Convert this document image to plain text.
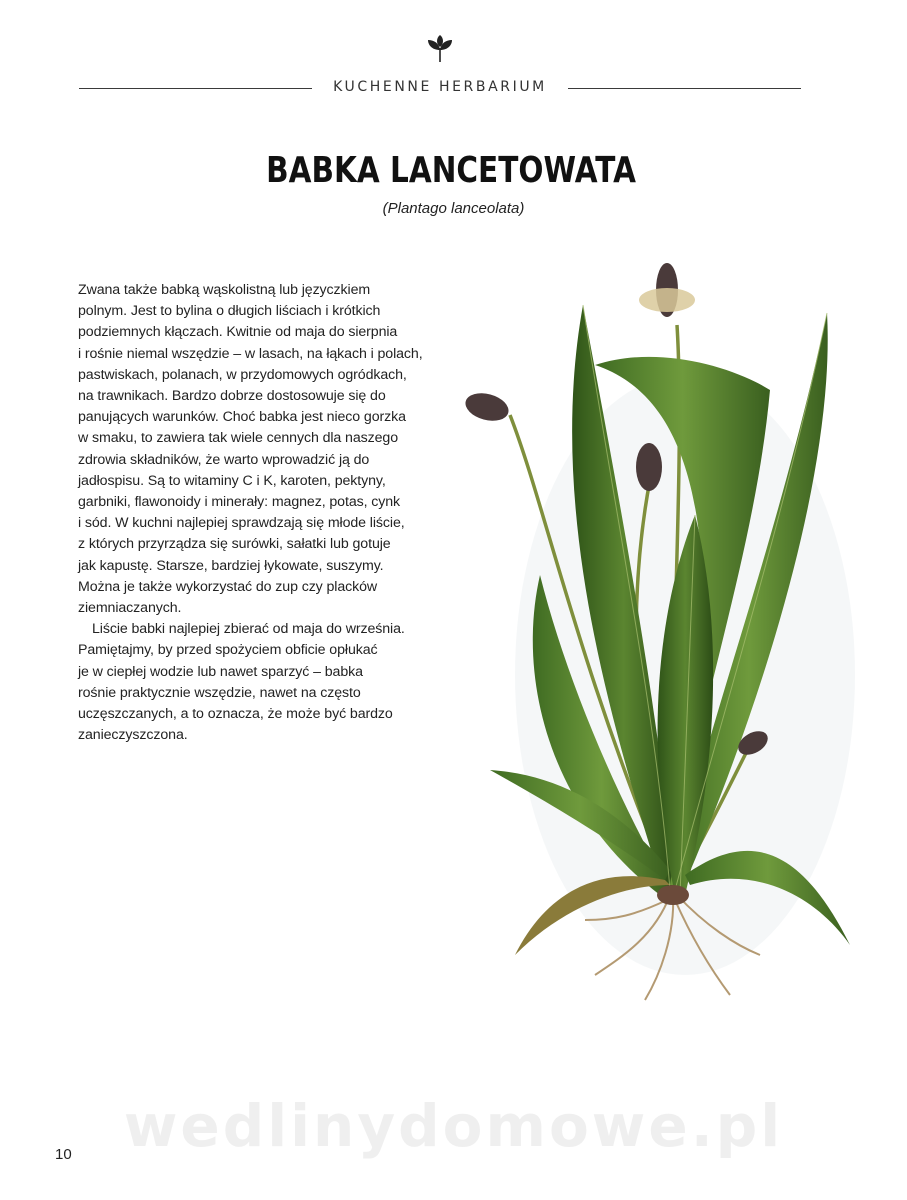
KUCHENNE HERBARIUM
BABKA LANCETOWATA
(Plantago lanceolata)
Zwana także babką wąskolistną lub języczkiem
polnym. Jest to bylina o długich liściach i krótkich
podziemnych kłączach. Kwitnie od maja do sierpnia
i rośnie niemal wszędzie – w lasach, na łąkach i polach,
pastwiskach, polanach, w przydomowych ogródkach,
na trawnikach. Bardzo dobrze dostosowuje się do
panujących warunków. Choć babka jest nieco gorzka
w smaku, to zawiera tak wiele cennych dla naszego
zdrowia składników, że warto wprowadzić ją do
jadłospisu. Są to witaminy C i K, karoten, pektyny,
garbniki, flawonoidy i minerały: magnez, potas, cynk
i sód. W kuchni najlepiej sprawdzają się młode liście,
z których przyrządza się surówki, sałatki lub gotuje
jak kapustę. Starsze, bardziej łykowate, suszymy.
Można je także wykorzystać do zup czy placków
ziemniaczanych.
Liście babki najlepiej zbierać od maja do września.
Pamiętajmy, by przed spożyciem obficie opłukać
je w ciepłej wodzie lub nawet sparzyć – babka
rośnie praktycznie wszędzie, nawet na często
uczęszczanych, a to oznacza, że może być bardzo
zanieczyszczona.
wedlinydomowe.pl
10
